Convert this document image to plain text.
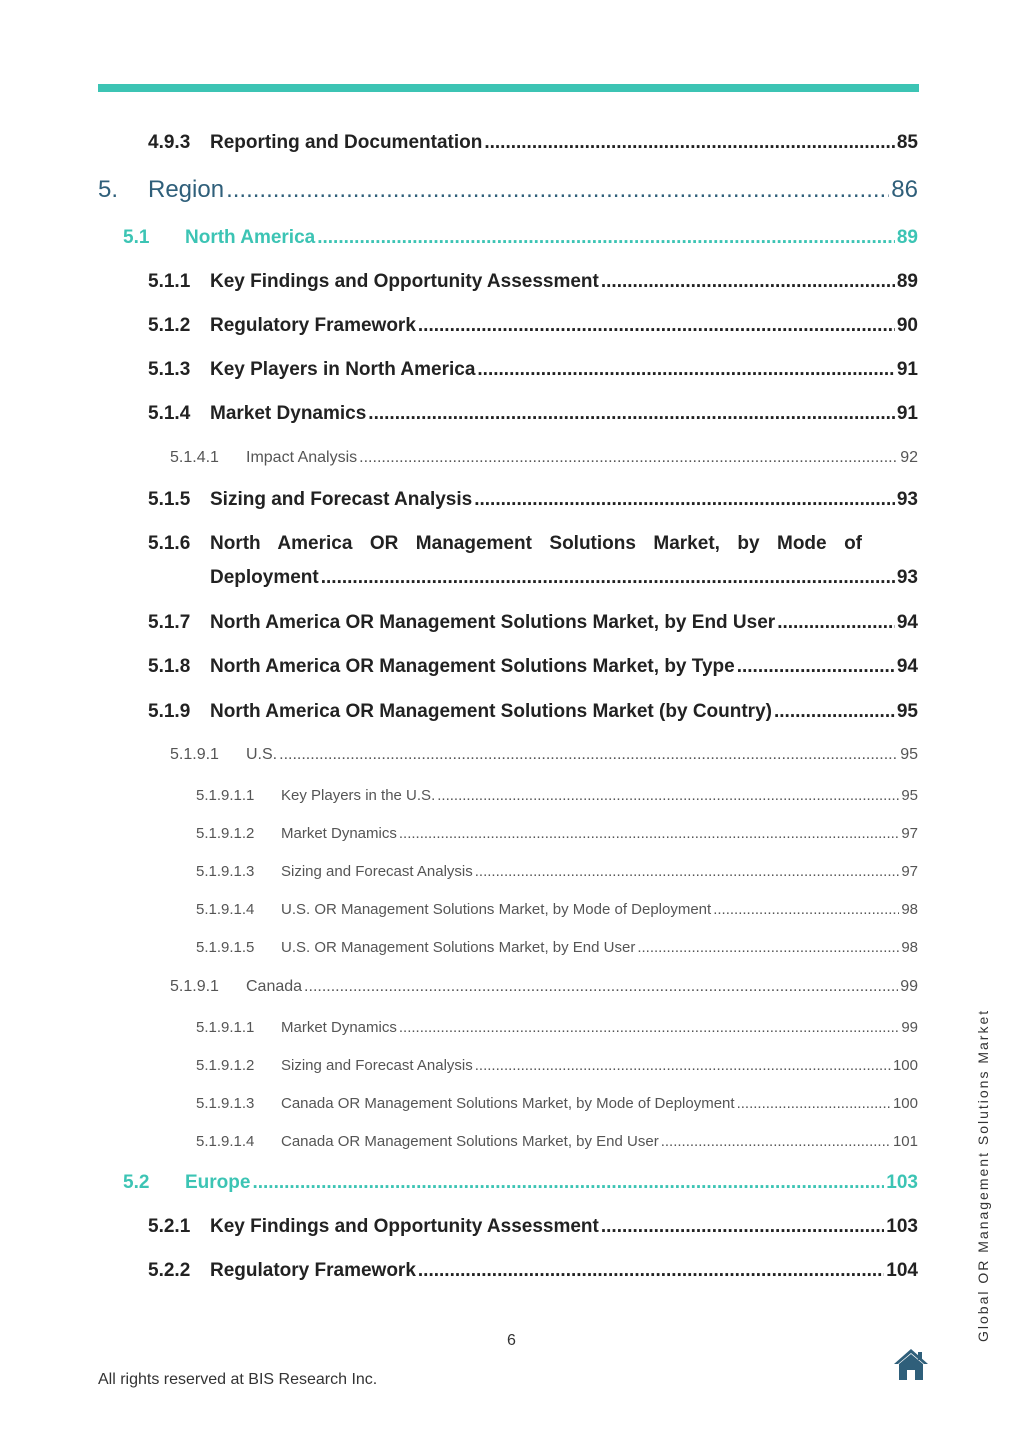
4.9.3	Reporting and Documentation .....	85
5.	Region .....	86
5.1	North America .....	89
5.1.1	Key Findings and Opportunity Assessment .....	89
5.1.2	Regulatory Framework .....	90
5.1.3	Key Players in North America .....	91
5.1.4	Market Dynamics .....	91
5.1.4.1	Impact Analysis .....	92
5.1.5	Sizing and Forecast Analysis .....	93
5.1.6	North America OR Management Solutions Market, by Mode of
Deployment .....	93
5.1.7	North America OR Management Solutions Market, by End User .....	94
5.1.8	North America OR Management Solutions Market, by Type .....	94
5.1.9	North America OR Management Solutions Market (by Country) .....	95
5.1.9.1	U.S. .....	95
5.1.9.1.1	Key Players in the U.S. .....	95
5.1.9.1.2	Market Dynamics .....	97
5.1.9.1.3	Sizing and Forecast Analysis .....	97
5.1.9.1.4	U.S. OR Management Solutions Market, by Mode of Deployment .....	98
5.1.9.1.5	U.S. OR Management Solutions Market, by End User .....	98
5.1.9.1	Canada .....	99
5.1.9.1.1	Market Dynamics .....	99
5.1.9.1.2	Sizing and Forecast Analysis .....	100
5.1.9.1.3	Canada OR Management Solutions Market, by Mode of Deployment .....	100
5.1.9.1.4	Canada OR Management Solutions Market, by End User .....	101
5.2	Europe .....	103
5.2.1	Key Findings and Opportunity Assessment .....	103
5.2.2	Regulatory Framework .....	104
6
All rights reserved at BIS Research Inc.
Global OR Management Solutions Market
